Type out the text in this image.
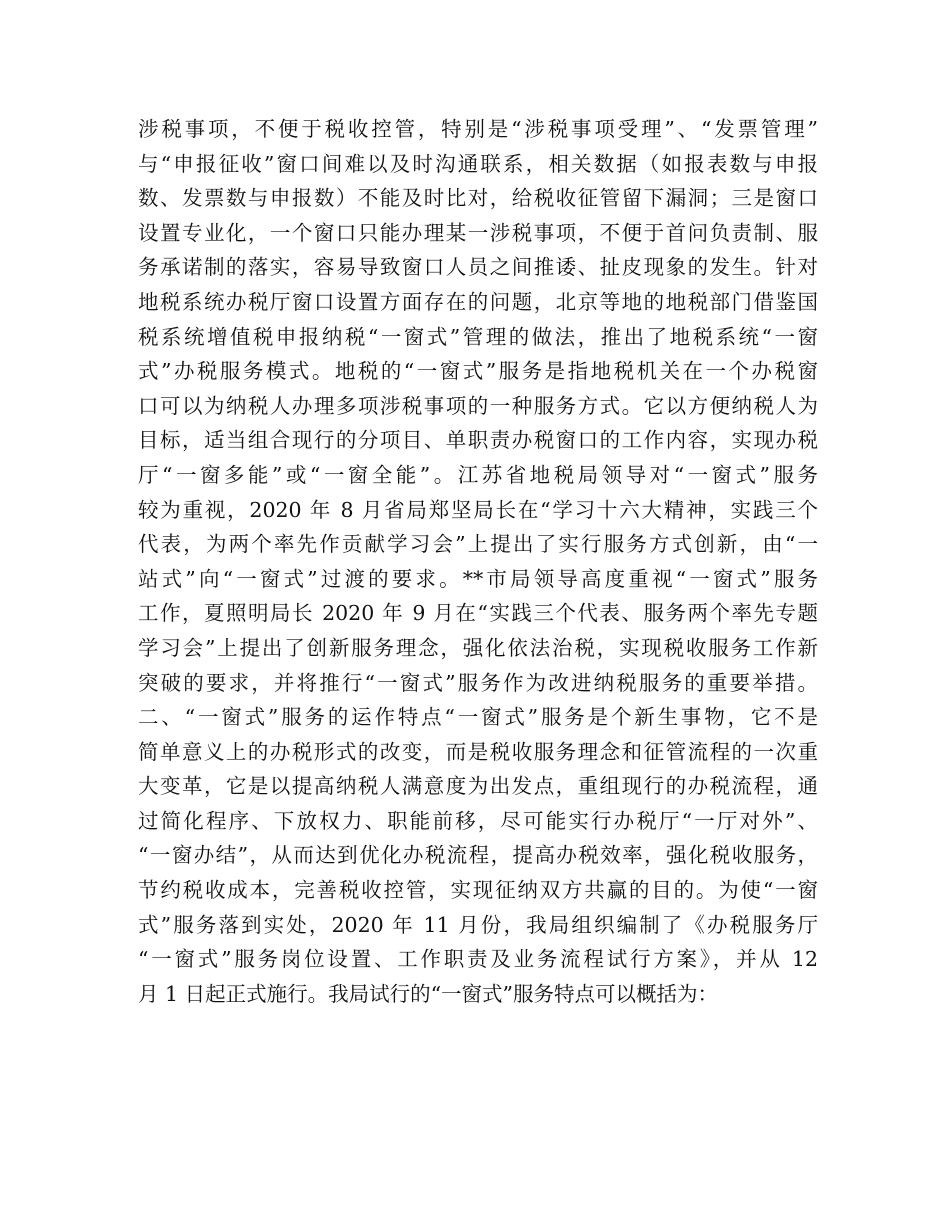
涉税事项，不便于税收控管，特别是“涉税事项受理”、“发票管理”
与“申报征收”窗口间难以及时沟通联系，相关数据（如报表数与申报
数、发票数与申报数）不能及时比对，给税收征管留下漏洞；三是窗口
设置专业化，一个窗口只能办理某一涉税事项，不便于首问负责制、服
务承诺制的落实，容易导致窗口人员之间推诿、扯皮现象的发生。针对
地税系统办税厅窗口设置方面存在的问题，北京等地的地税部门借鉴国
税系统增值税申报纳税“一窗式”管理的做法，推出了地税系统“一窗
式”办税服务模式。地税的“一窗式”服务是指地税机关在一个办税窗
口可以为纳税人办理多项涉税事项的一种服务方式。它以方便纳税人为
目标，适当组合现行的分项目、单职责办税窗口的工作内容，实现办税
厅“一窗多能”或“一窗全能”。江苏省地税局领导对“一窗式”服务
较为重视，2020 年 8 月省局郑坚局长在“学习十六大精神，实践三个
代表，为两个率先作贡献学习会”上提出了实行服务方式创新，由“一
站式”向“一窗式”过渡的要求。**市局领导高度重视“一窗式”服务
工作，夏照明局长 2020 年 9 月在“实践三个代表、服务两个率先专题
学习会”上提出了创新服务理念，强化依法治税，实现税收服务工作新
突破的要求，并将推行“一窗式”服务作为改进纳税服务的重要举措。
二、“一窗式”服务的运作特点“一窗式”服务是个新生事物，它不是
简单意义上的办税形式的改变，而是税收服务理念和征管流程的一次重
大变革，它是以提高纳税人满意度为出发点，重组现行的办税流程，通
过简化程序、下放权力、职能前移，尽可能实行办税厅“一厅对外”、
“一窗办结”，从而达到优化办税流程，提高办税效率，强化税收服务，
节约税收成本，完善税收控管，实现征纳双方共赢的目的。为使“一窗
式”服务落到实处，2020 年 11 月份，我局组织编制了《办税服务厅
“一窗式”服务岗位设置、工作职责及业务流程试行方案》，并从 12
月 1 日起正式施行。我局试行的“一窗式”服务特点可以概括为：
